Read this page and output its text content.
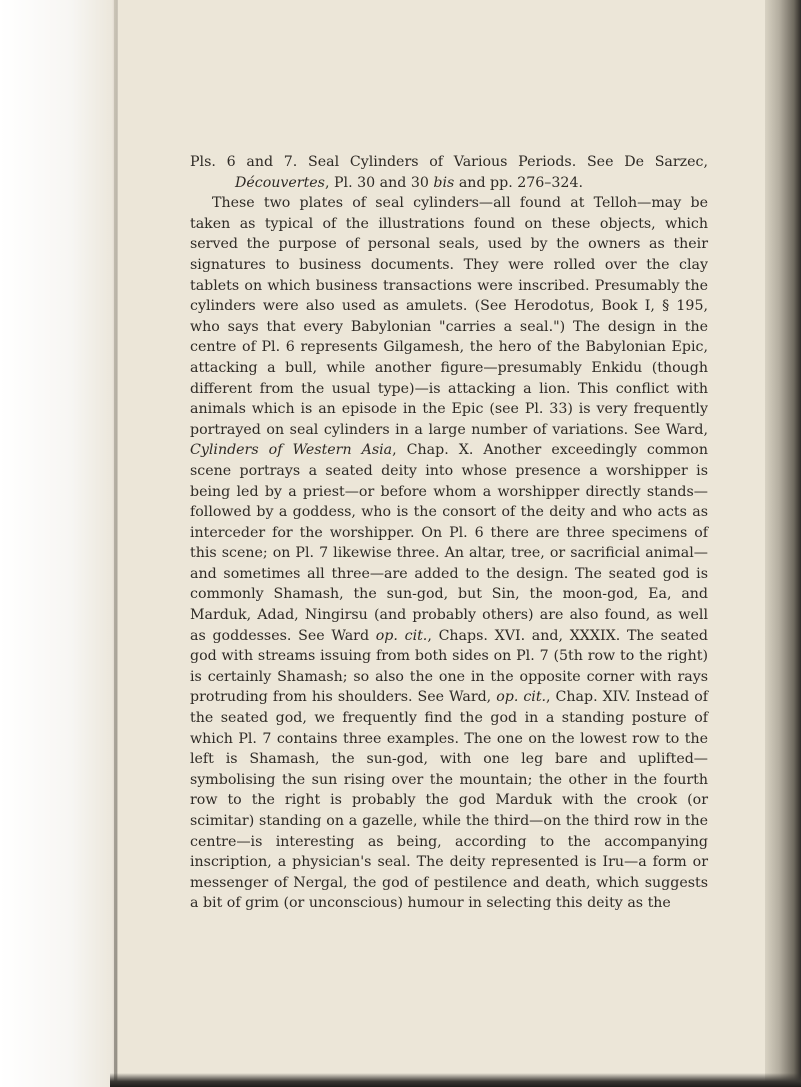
Pls. 6 and 7. Seal Cylinders of Various Periods. See De Sarzec, Découvertes, Pl. 30 and 30 bis and pp. 276–324.

These two plates of seal cylinders—all found at Telloh—may be taken as typical of the illustrations found on these objects, which served the purpose of personal seals, used by the owners as their signatures to business documents. They were rolled over the clay tablets on which business transactions were inscribed. Presumably the cylinders were also used as amulets. (See Herodotus, Book I, § 195, who says that every Babylonian "carries a seal.") The design in the centre of Pl. 6 represents Gilgamesh, the hero of the Babylonian Epic, attacking a bull, while another figure—presumably Enkidu (though different from the usual type)—is attacking a lion. This conflict with animals which is an episode in the Epic (see Pl. 33) is very frequently portrayed on seal cylinders in a large number of variations. See Ward, Cylinders of Western Asia, Chap. X. Another exceedingly common scene portrays a seated deity into whose presence a worshipper is being led by a priest—or before whom a worshipper directly stands—followed by a goddess, who is the consort of the deity and who acts as interceder for the worshipper. On Pl. 6 there are three specimens of this scene; on Pl. 7 likewise three. An altar, tree, or sacrificial animal—and sometimes all three—are added to the design. The seated god is commonly Shamash, the sun-god, but Sin, the moon-god, Ea, and Marduk, Adad, Ningirsu (and probably others) are also found, as well as goddesses. See Ward op. cit., Chaps. XVI. and, XXXIX. The seated god with streams issuing from both sides on Pl. 7 (5th row to the right) is certainly Shamash; so also the one in the opposite corner with rays protruding from his shoulders. See Ward, op. cit., Chap. XIV. Instead of the seated god, we frequently find the god in a standing posture of which Pl. 7 contains three examples. The one on the lowest row to the left is Shamash, the sun-god, with one leg bare and uplifted—symbolising the sun rising over the mountain; the other in the fourth row to the right is probably the god Marduk with the crook (or scimitar) standing on a gazelle, while the third—on the third row in the centre—is interesting as being, according to the accompanying inscription, a physician's seal. The deity represented is Iru—a form or messenger of Nergal, the god of pestilence and death, which suggests a bit of grim (or unconscious) humour in selecting this deity as the
